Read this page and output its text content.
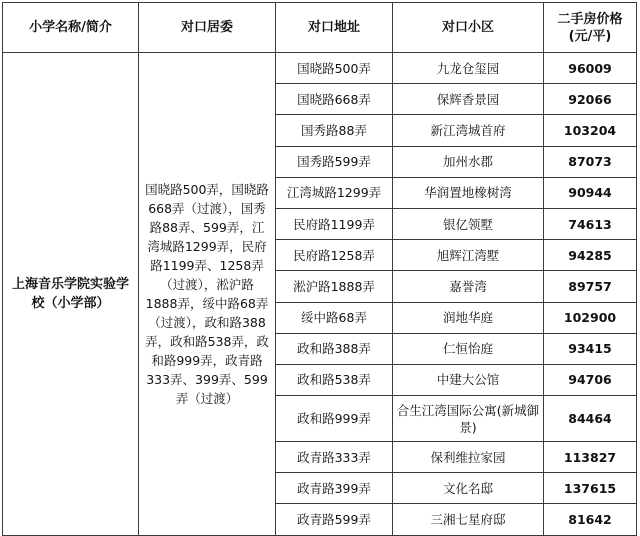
小学名称/简介	对口居委	对口地址	对口小区	二手房价格(元/平)
上海音乐学院实验学校（小学部）	国晓路500弄，国晓路668弄（过渡），国秀路88弄、599弄，江湾城路1299弄，民府路1199弄、1258弄（过渡），淞沪路1888弄，绥中路68弄（过渡），政和路388弄，政和路538弄，政和路999弄，政青路333弄、399弄、599弄（过渡）	国晓路500弄	九龙仓玺园	96009
		国晓路668弄	保辉香景园	92066
		国秀路88弄	新江湾城首府	103204
		国秀路599弄	加州水郡	87073
		江湾城路1299弄	华润置地橡树湾	90944
		民府路1199弄	银亿领墅	74613
		民府路1258弄	旭辉江湾墅	94285
		淞沪路1888弄	嘉誉湾	89757
		绥中路68弄	润地华庭	102900
		政和路388弄	仁恒怡庭	93415
		政和路538弄	中建大公馆	94706
		政和路999弄	合生江湾国际公寓(新城御景)	84464
		政青路333弄	保利维拉家园	113827
		政青路399弄	文化名邸	137615
		政青路599弄	三湘七星府邸	81642
